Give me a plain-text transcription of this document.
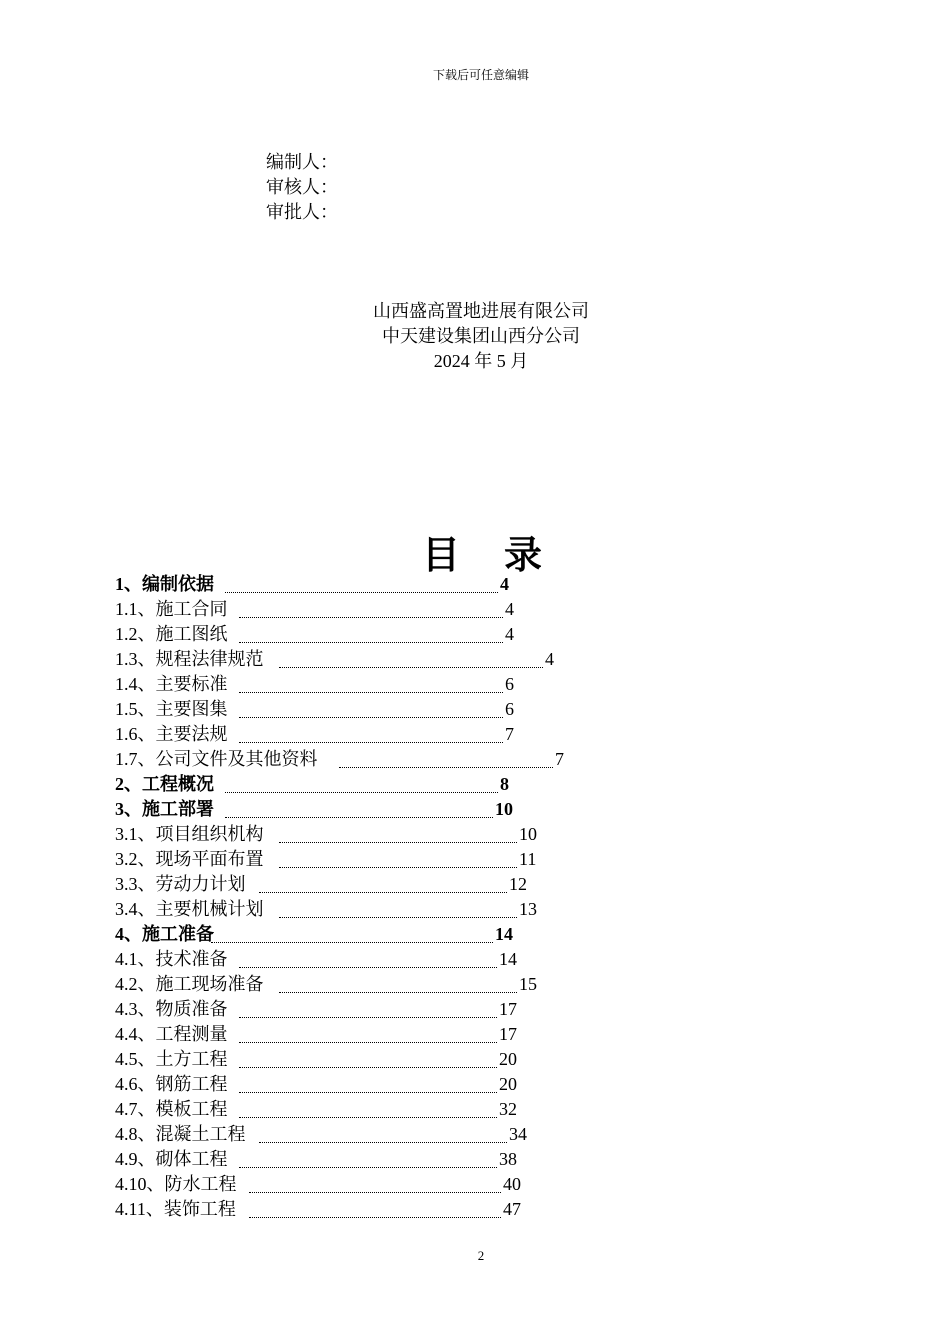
下载后可任意编辑
编制人：
审核人：
审批人：
山西盛高置地进展有限公司
中天建设集团山西分公司
2024 年 5 月
目 录
1、编制依据	4
1.1、施工合同	4
1.2、施工图纸	4
1.3、规程法律规范	4
1.4、主要标准	6
1.5、主要图集	6
1.6、主要法规	7
1.7、公司文件及其他资料	7
2、工程概况	8
3、施工部署	10
3.1、项目组织机构	10
3.2、现场平面布置	11
3.3、劳动力计划	12
3.4、主要机械计划	13
4、施工准备	14
4.1、技术准备	14
4.2、施工现场准备	15
4.3、物质准备	17
4.4、工程测量	17
4.5、土方工程	20
4.6、钢筋工程	20
4.7、模板工程	32
4.8、混凝土工程	34
4.9、砌体工程	38
4.10、防水工程	40
4.11、装饰工程	47
2
